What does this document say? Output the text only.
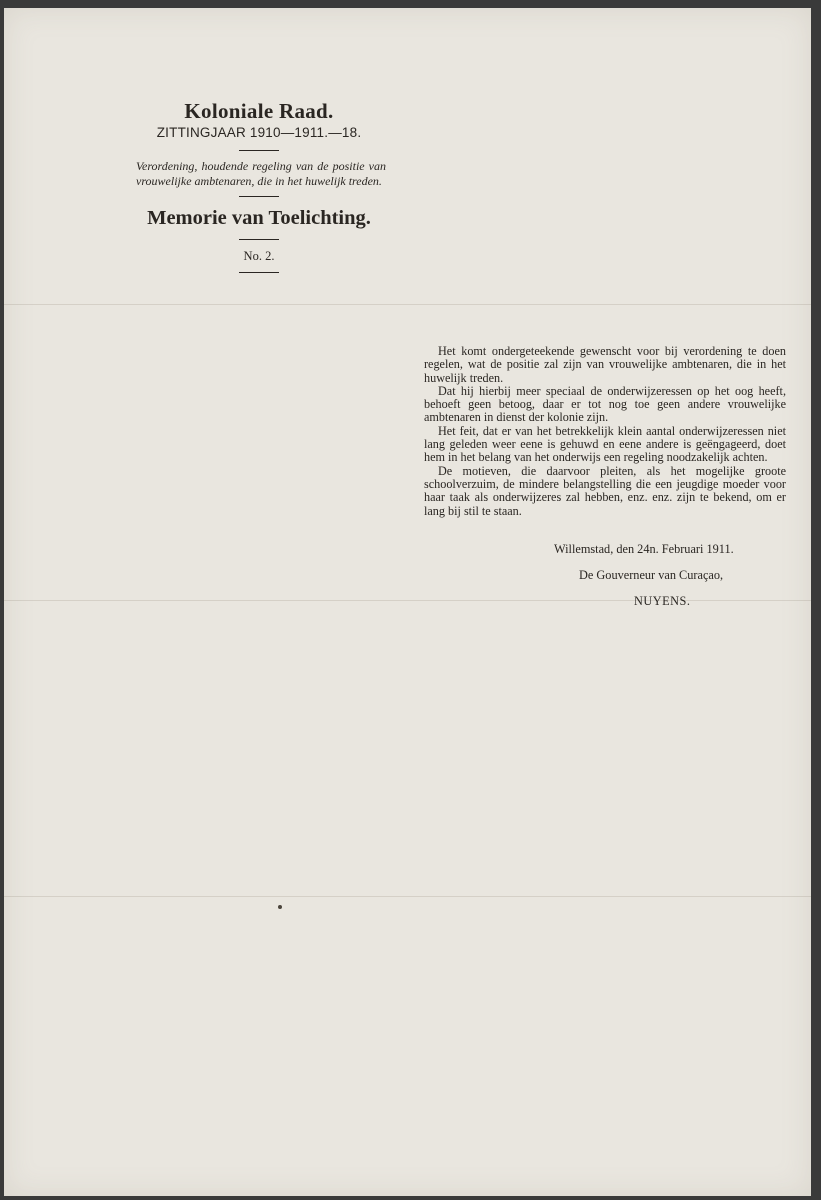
Koloniale Raad.
ZITTINGJAAR 1910—1911.—18.
Verordening, houdende regeling van de positie van vrouwelijke ambtenaren, die in het huwelijk treden.
Memorie van Toelichting.
No. 2.

Het komt ondergeteekende gewenscht voor bij verordening te doen regelen, wat de positie zal zijn van vrouwelijke ambtenaren, die in het huwelijk treden.

Dat hij hierbij meer speciaal de onderwijzeressen op het oog heeft, behoeft geen betoog, daar er tot nog toe geen andere vrouwelijke ambtenaren in dienst der kolonie zijn.

Het feit, dat er van het betrekkelijk klein aantal onderwijzeressen niet lang geleden weer eene is gehuwd en eene andere is geëngageerd, doet hem in het belang van het onderwijs een regeling noodzakelijk achten.

De motieven, die daarvoor pleiten, als het mogelijke groote schoolverzuim, de mindere belangstelling die een jeugdige moeder voor haar taak als onderwijzeres zal hebben, enz. enz. zijn te bekend, om er lang bij stil te staan.

Willemstad, den 24n. Februari 1911.
De Gouverneur van Curaçao,
NUYENS.
